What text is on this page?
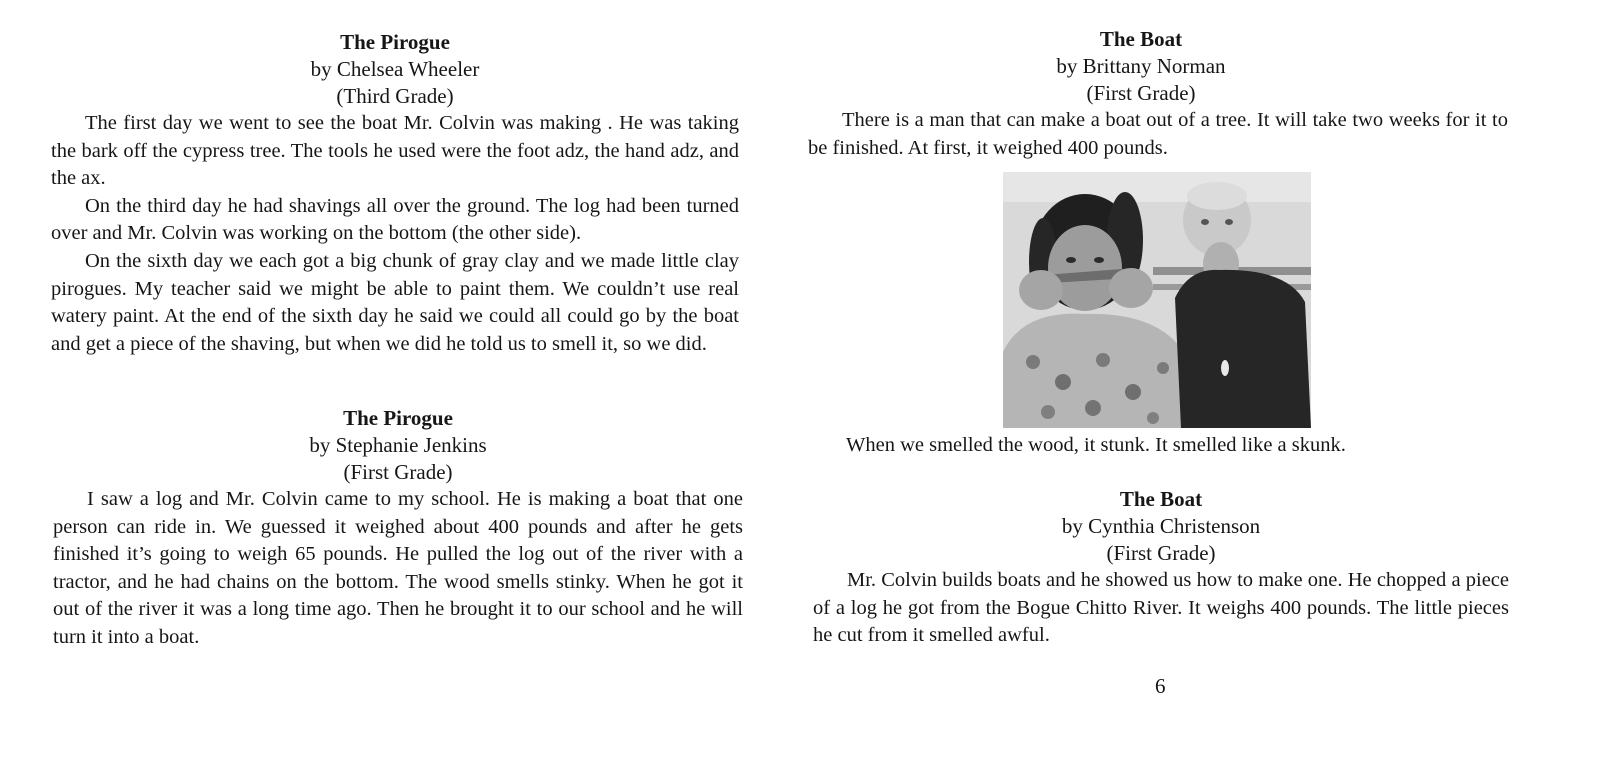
The Pirogue
by Chelsea Wheeler
(Third Grade)

The first day we went to see the boat Mr. Colvin was making . He was taking the bark off the cypress tree. The tools he used were the foot adz, the hand adz, and the ax.

On the third day he had shavings all over the ground. The log had been turned over and Mr. Colvin was working on the bottom (the other side).

On the sixth day we each got a big chunk of gray clay and we made little clay pirogues. My teacher said we might be able to paint them. We couldn’t use real watery paint. At the end of the sixth day he said we could all could go by the boat and get a piece of the shaving, but when we did he told us to smell it, so we did.

The Pirogue
by Stephanie Jenkins
(First Grade)

I saw a log and Mr. Colvin came to my school. He is making a boat that one person can ride in. We guessed it weighed about 400 pounds and after he gets finished it’s going to weigh 65 pounds. He pulled the log out of the river with a tractor, and he had chains on the bottom. The wood smells stinky. When he got it out of the river it was a long time ago. Then he brought it to our school and he will turn it into a boat.

The Boat
by Brittany Norman
(First Grade)

There is a man that can make a boat out of a tree. It will take two weeks for it to be finished. At first, it weighed 400 pounds.

When we smelled the wood, it stunk. It smelled like a skunk.

The Boat
by Cynthia Christenson
(First Grade)

Mr. Colvin builds boats and he showed us how to make one. He chopped a piece of a log he got from the Bogue Chitto River. It weighs 400 pounds. The little pieces he cut from it smelled awful.

6
